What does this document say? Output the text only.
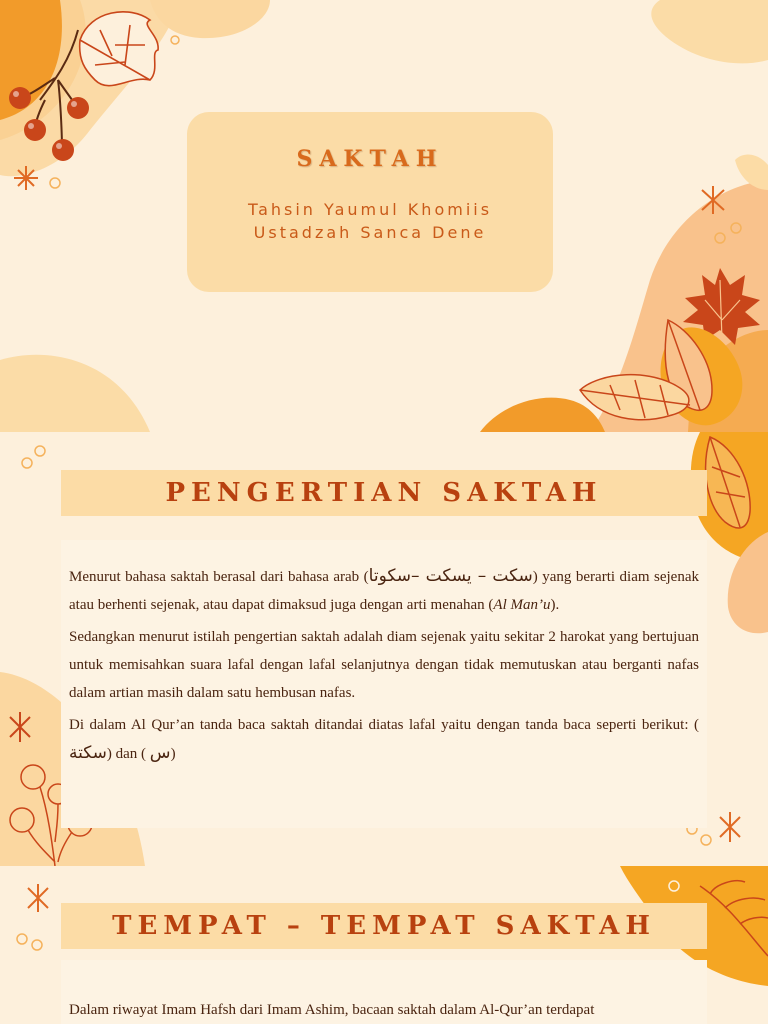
SAKTAH
Tahsin Yaumul Khomiis
Ustadzah Sanca Dene
PENGERTIAN SAKTAH

Menurut bahasa saktah berasal dari bahasa arab (سكت – يسكت –سكوتا) yang berarti diam sejenak atau berhenti sejenak, atau dapat dimaksud juga dengan arti menahan (Al Man’u).

Sedangkan menurut istilah pengertian saktah adalah diam sejenak yaitu sekitar 2 harokat yang bertujuan untuk memisahkan suara lafal dengan lafal selanjutnya dengan tidak memutuskan atau berganti nafas dalam artian masih dalam satu hembusan nafas.

Di dalam Al Qur’an tanda baca saktah ditandai diatas lafal yaitu dengan tanda baca seperti berikut: ( سكتة) dan ( س)

TEMPAT – TEMPAT SAKTAH

Dalam riwayat Imam Hafsh dari Imam Ashim, bacaan saktah dalam Al-Qur’an terdapat
